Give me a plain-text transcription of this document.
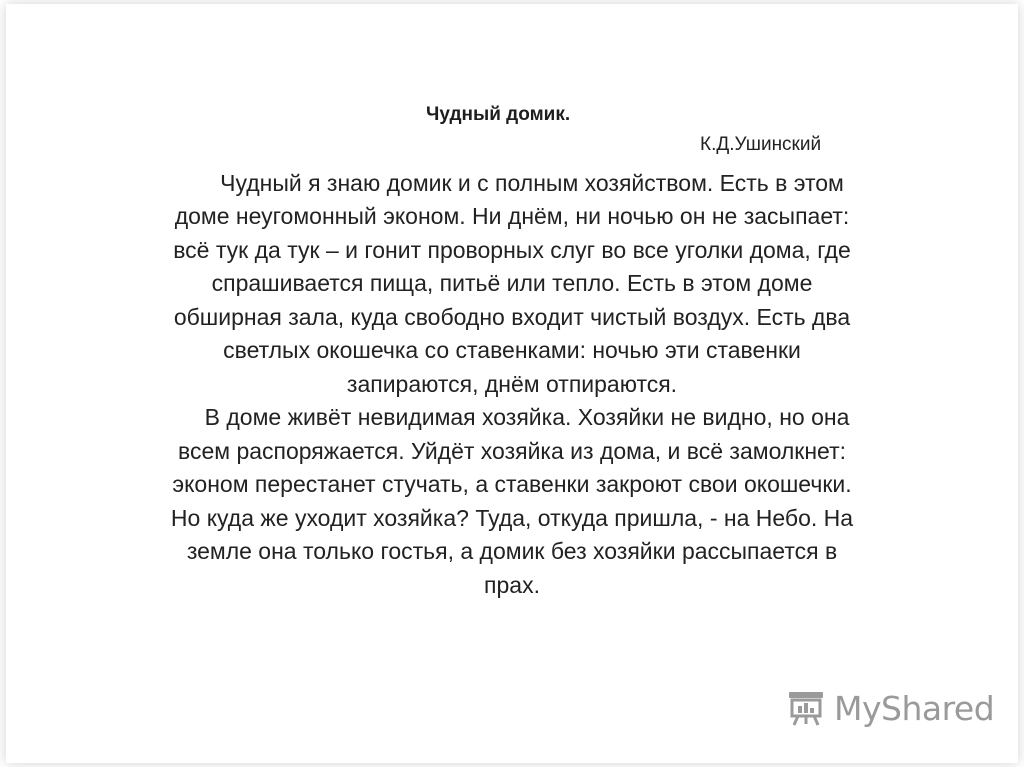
Чудный домик.
К.Д.Ушинский
Чудный я знаю домик и с полным хозяйством. Есть в этом
доме неугомонный эконом. Ни днём, ни ночью он не засыпает:
всё тук да тук – и гонит проворных слуг во все уголки дома, где
спрашивается пища, питьё или тепло. Есть в этом доме
обширная зала, куда свободно входит чистый воздух. Есть два
светлых окошечка со ставенками: ночью эти ставенки
запираются, днём отпираются.
В доме живёт невидимая хозяйка. Хозяйки не видно, но она
всем распоряжается. Уйдёт хозяйка из дома, и всё замолкнет:
эконом перестанет стучать, а ставенки закроют свои окошечки.
Но куда же уходит хозяйка? Туда, откуда пришла, - на Небо. На
земле она только гостья, а домик без хозяйки рассыпается в
прах.
MyShared
